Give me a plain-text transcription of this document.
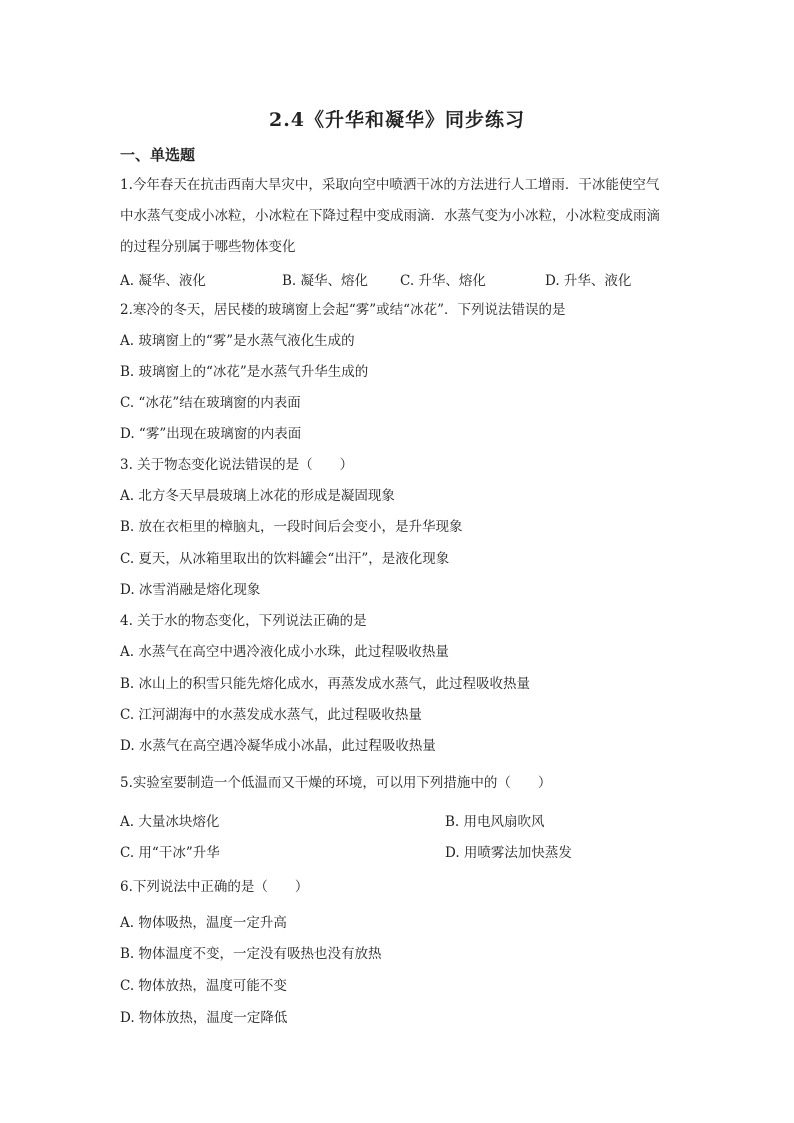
2.4《升华和凝华》同步练习
一、单选题
1.今年春天在抗击西南大旱灾中，采取向空中喷洒干冰的方法进行人工增雨．干冰能使空气
中水蒸气变成小冰粒，小冰粒在下降过程中变成雨滴．水蒸气变为小冰粒，小冰粒变成雨滴
的过程分别属于哪些物体变化
A. 凝华、液化	B. 凝华、熔化 C. 升华、熔化	D. 升华、液化
2.寒冷的冬天，居民楼的玻璃窗上会起“雾”或结“冰花”．下列说法错误的是
A. 玻璃窗上的“雾”是水蒸气液化生成的
B. 玻璃窗上的“冰花”是水蒸气升华生成的
C. “冰花”结在玻璃窗的内表面
D. “雾”出现在玻璃窗的内表面
3. 关于物态变化说法错误的是（　　）
A. 北方冬天早晨玻璃上冰花的形成是凝固现象
B. 放在衣柜里的樟脑丸，一段时间后会变小，是升华现象
C. 夏天，从冰箱里取出的饮料罐会“出汗”，是液化现象
D. 冰雪消融是熔化现象
4. 关于水的物态变化，下列说法正确的是
A. 水蒸气在高空中遇冷液化成小水珠，此过程吸收热量
B. 冰山上的积雪只能先熔化成水，再蒸发成水蒸气，此过程吸收热量
C. 江河湖海中的水蒸发成水蒸气，此过程吸收热量
D. 水蒸气在高空遇冷凝华成小冰晶，此过程吸收热量
5.实验室要制造一个低温而又干燥的环境，可以用下列措施中的（　　）
A. 大量冰块熔化	B. 用电风扇吹风
C. 用“干冰”升华	D. 用喷雾法加快蒸发
6.下列说法中正确的是（　　）
A. 物体吸热，温度一定升高
B. 物体温度不变，一定没有吸热也没有放热
C. 物体放热，温度可能不变
D. 物体放热，温度一定降低
